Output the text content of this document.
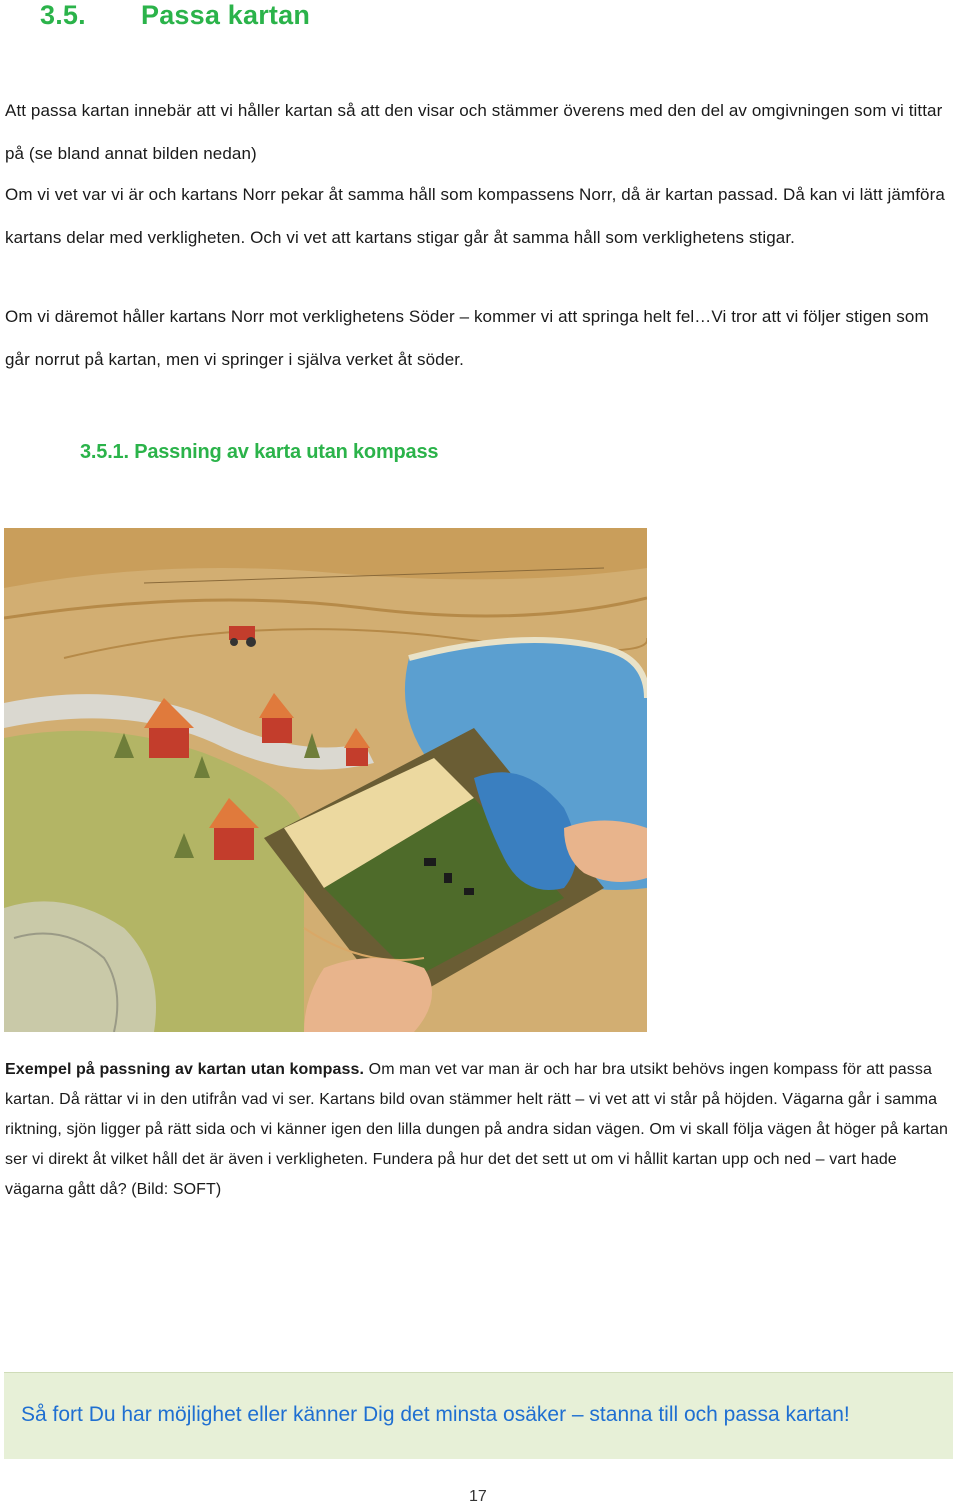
3.5. Passa kartan

Att passa kartan innebär att vi håller kartan så att den visar och stämmer överens med den del av omgivningen som vi tittar på (se bland annat bilden nedan)

Om vi vet var vi är och kartans Norr pekar åt samma håll som kompassens Norr, då är kartan passad. Då kan vi lätt jämföra kartans delar med verkligheten. Och vi vet att kartans stigar går åt samma håll som verklighetens stigar.

Om vi däremot håller kartans Norr mot verklighetens Söder – kommer vi att springa helt fel…Vi tror att vi följer stigen som går norrut på kartan, men vi springer i själva verket åt söder.

3.5.1. Passning av karta utan kompass

Exempel på passning av kartan utan kompass. Om man vet var man är och har bra utsikt behövs ingen kompass för att passa kartan. Då rättar vi in den utifrån vad vi ser. Kartans bild ovan stämmer helt rätt – vi vet att vi står på höjden. Vägarna går i samma riktning, sjön ligger på rätt sida och vi känner igen den lilla dungen på andra sidan vägen. Om vi skall följa vägen åt höger på kartan ser vi direkt åt vilket håll det är även i verkligheten. Fundera på hur det det sett ut om vi hållit kartan upp och ned – vart hade vägarna gått då? (Bild: SOFT)

Så fort Du har möjlighet eller känner Dig det minsta osäker – stanna till och passa kartan!

17
